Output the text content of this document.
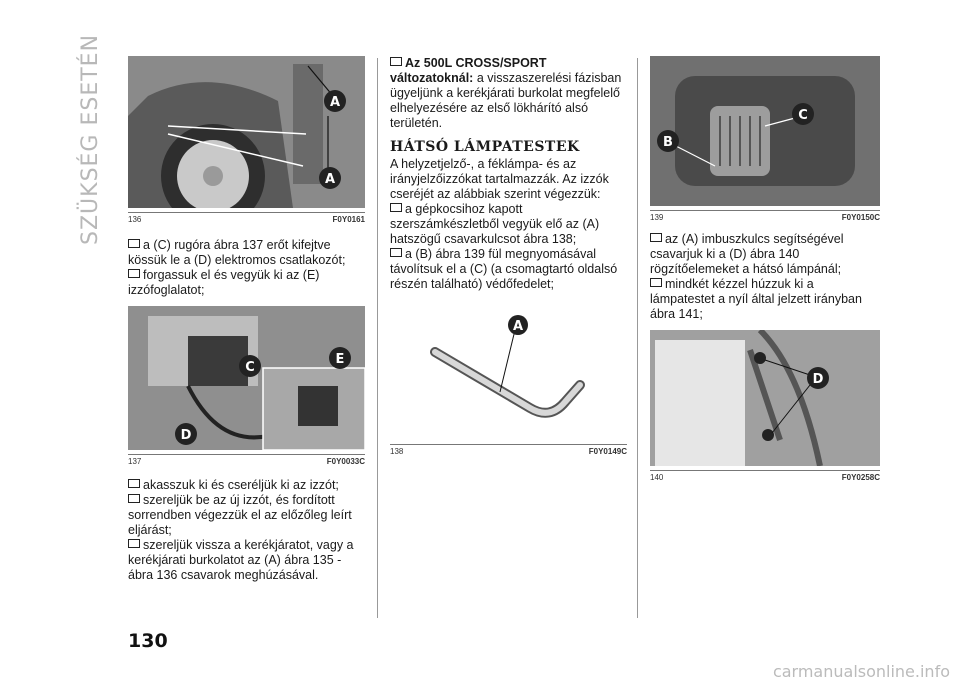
SZÜKSÉG ESETÉN	A
A
136	F0Y0161

a (C) rugóra ábra 137 erőt kifejtve kössük le a (D) elektromos csatlakozót;

forgassuk el és vegyük ki az (E) izzófoglalatot;

C
E
D
137	F0Y0033C

akasszuk ki és cseréljük ki az izzót;

szereljük be az új izzót, és fordított sorrendben végezzük el az előzőleg leírt eljárást;

szereljük vissza a kerékjáratot, vagy a kerékjárati burkolatot az (A) ábra 135 - ábra 136 csavarok meghúzásával.

Az 500L CROSS/SPORT változatoknál: a visszaszerelési fázisban ügyeljünk a kerékjárati burkolat megfelelő elhelyezésére az első lökhárító alsó területén.

HÁTSÓ LÁMPATESTEK

A helyzetjelző-, a féklámpa- és az irányjelzőizzókat tartalmazzák. Az izzók cseréjét az alábbiak szerint végezzük:

a gépkocsihoz kapott szerszámkészletből vegyük elő az (A) hatszögű csavarkulcsot ábra 138;

a (B) ábra 139 fül megnyomásával távolítsuk el a (C) (a csomagtartó oldalsó részén található) védőfedelet;

A
138	F0Y0149C
B
C
139	F0Y0150C

az (A) imbuszkulcs segítségével csavarjuk ki a (D) ábra 140 rögzítőelemeket a hátsó lámpánál;

mindkét kézzel húzzuk ki a lámpatestet a nyíl által jelzett irányban ábra 141;

D
140	F0Y0258C
130
carmanualsonline.info
